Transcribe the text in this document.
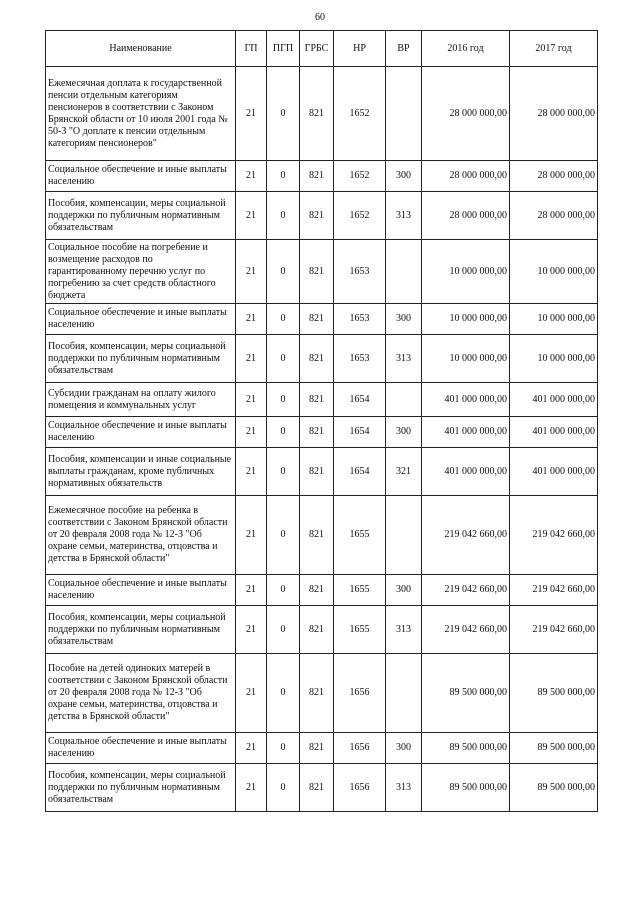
60
Наименование	ГП	ПГП	ГРБС	НР	ВР	2016 год	2017 год
Ежемесячная доплата к государственной пенсии отдельным категориям пенсионеров в соответствии с Законом Брянской области от 10 июля 2001 года № 50-З "О доплате к пенсии отдельным категориям пенсионеров"	21	0	821	1652		28 000 000,00	28 000 000,00
Социальное обеспечение и иные выплаты населению	21	0	821	1652	300	28 000 000,00	28 000 000,00
Пособия, компенсации, меры социальной поддержки по публичным нормативным обязательствам	21	0	821	1652	313	28 000 000,00	28 000 000,00
Социальное пособие на погребение и возмещение расходов по гарантированному перечню услуг по погребению за счет средств областного бюджета	21	0	821	1653		10 000 000,00	10 000 000,00
Социальное обеспечение и иные выплаты населению	21	0	821	1653	300	10 000 000,00	10 000 000,00
Пособия, компенсации, меры социальной поддержки по публичным нормативным обязательствам	21	0	821	1653	313	10 000 000,00	10 000 000,00
Субсидии гражданам на оплату жилого помещения и коммунальных услуг	21	0	821	1654		401 000 000,00	401 000 000,00
Социальное обеспечение и иные выплаты населению	21	0	821	1654	300	401 000 000,00	401 000 000,00
Пособия, компенсации и иные социальные выплаты гражданам, кроме публичных нормативных обязательств	21	0	821	1654	321	401 000 000,00	401 000 000,00
Ежемесячное пособие на ребенка в соответствии с Законом Брянской области от 20 февраля 2008 года № 12-З "Об охране семьи, материнства, отцовства и детства в Брянской области"	21	0	821	1655		219 042 660,00	219 042 660,00
Социальное обеспечение и иные выплаты населению	21	0	821	1655	300	219 042 660,00	219 042 660,00
Пособия, компенсации, меры социальной поддержки по публичным нормативным обязательствам	21	0	821	1655	313	219 042 660,00	219 042 660,00
Пособие на детей одиноких матерей в соответствии с Законом Брянской области от 20 февраля 2008 года № 12-З "Об охране семьи, материнства, отцовства и детства в Брянской области"	21	0	821	1656		89 500 000,00	89 500 000,00
Социальное обеспечение и иные выплаты населению	21	0	821	1656	300	89 500 000,00	89 500 000,00
Пособия, компенсации, меры социальной поддержки по публичным нормативным обязательствам	21	0	821	1656	313	89 500 000,00	89 500 000,00
